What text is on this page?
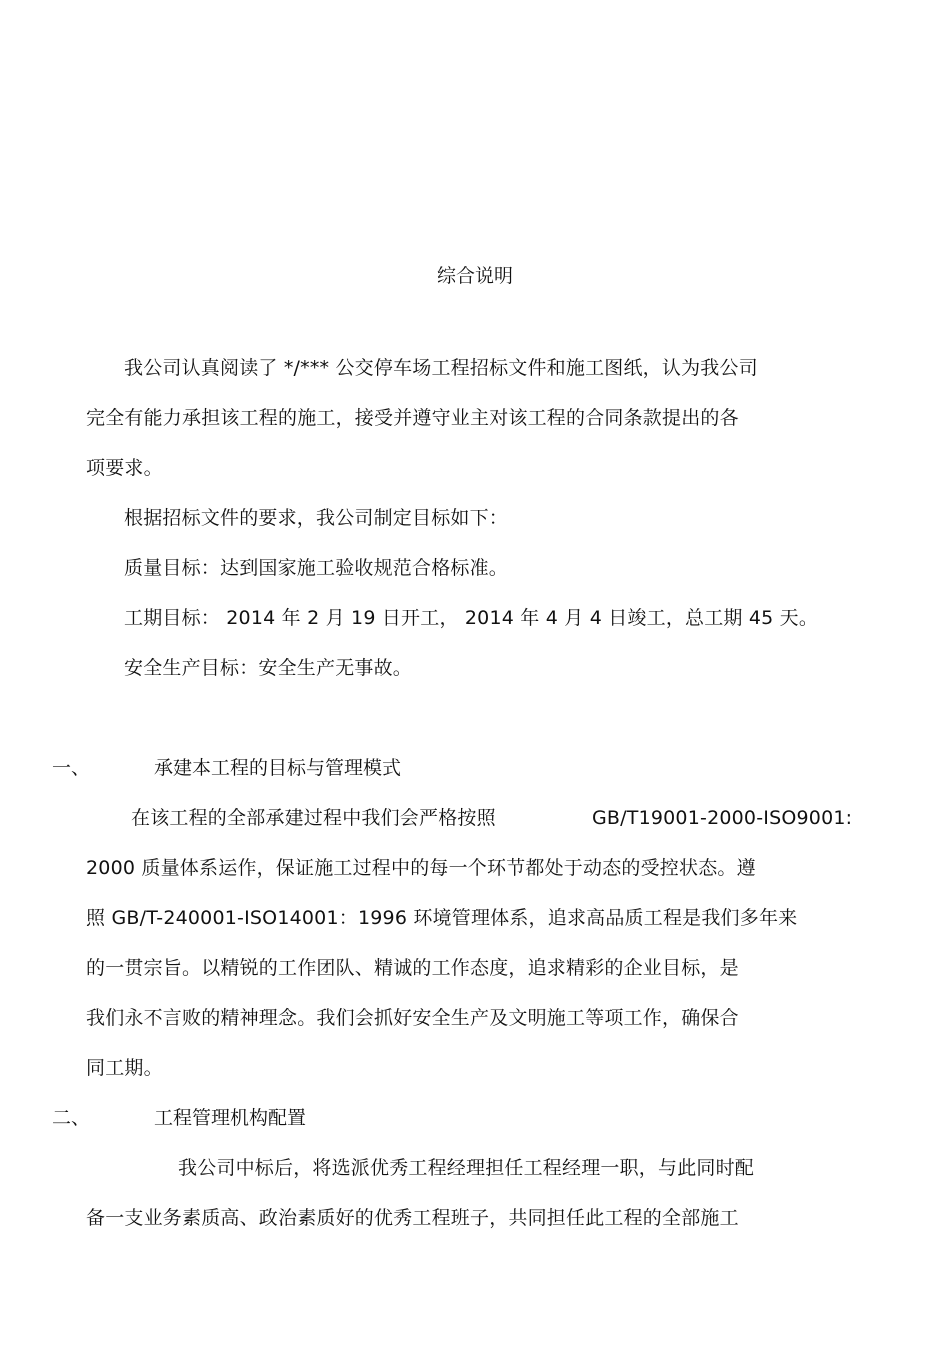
综合说明
我公司认真阅读了 */*** 公交停车场工程招标文件和施工图纸，认为我公司
完全有能力承担该工程的施工，接受并遵守业主对该工程的合同条款提出的各
项要求。
根据招标文件的要求，我公司制定目标如下：
质量目标：达到国家施工验收规范合格标准。
工期目标： 2014 年 2 月 19 日开工， 2014 年 4 月 4 日竣工，总工期 45 天。
安全生产目标：安全生产无事故。
一、	承建本工程的目标与管理模式
在该工程的全部承建过程中我们会严格按照	GB/T19001-2000-ISO9001:
2000 质量体系运作，保证施工过程中的每一个环节都处于动态的受控状态。遵
照 GB/T-240001-ISO14001：1996 环境管理体系，追求高品质工程是我们多年来
的一贯宗旨。以精锐的工作团队、精诚的工作态度，追求精彩的企业目标，是
我们永不言败的精神理念。我们会抓好安全生产及文明施工等项工作，确保合
同工期。
二、	工程管理机构配置
我公司中标后，将选派优秀工程经理担任工程经理一职，与此同时配
备一支业务素质高、政治素质好的优秀工程班子，共同担任此工程的全部施工
